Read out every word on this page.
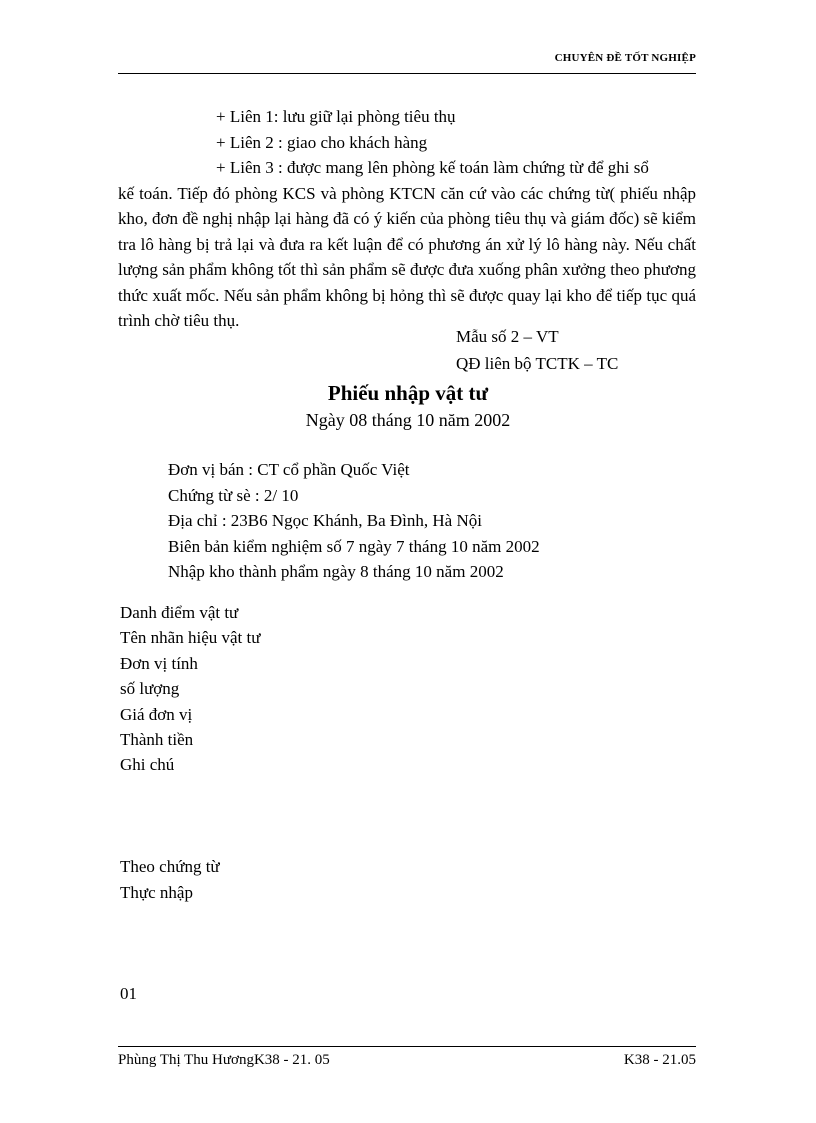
CHUYÊN ĐỀ TỐT NGHIỆP
+ Liên 1: lưu giữ lại phòng tiêu thụ
+ Liên 2 : giao cho khách hàng
+ Liên 3 : được mang lên phòng kế toán làm chứng từ để ghi sổ
kế toán. Tiếp đó phòng KCS và phòng KTCN căn cứ vào các chứng từ( phiếu nhập kho, đơn đề nghị nhập lại hàng đã có ý kiến của phòng tiêu thụ và giám đốc) sẽ kiểm tra lô hàng bị trả lại và đưa ra kết luận để có phương án xử lý lô hàng này. Nếu chất lượng sản phẩm không tốt thì sản phẩm sẽ được đưa xuống phân xưởng theo phương thức xuất mốc. Nếu sản phẩm không bị hỏng thì sẽ được quay lại kho để tiếp tục quá trình chờ tiêu thụ.
Mẫu số 2 – VT
QĐ liên bộ TCTK – TC
Phiếu nhập vật tư
Ngày 08 tháng 10 năm 2002
Đơn vị bán : CT cổ phần Quốc Việt
Chứng từ sè : 2/ 10
Địa chỉ : 23B6 Ngọc Khánh, Ba Đình, Hà Nội
Biên bản kiểm nghiệm số 7 ngày 7 tháng 10 năm 2002
Nhập kho thành phẩm ngày 8 tháng 10 năm 2002
Danh điểm vật tư
Tên nhãn hiệu vật tư
Đơn vị tính
số lượng
Giá đơn vị
Thành tiền
Ghi chú
Theo chứng từ
Thực nhập
01
Phùng Thị Thu HươngK38 - 21. 05	K38 - 21.05
